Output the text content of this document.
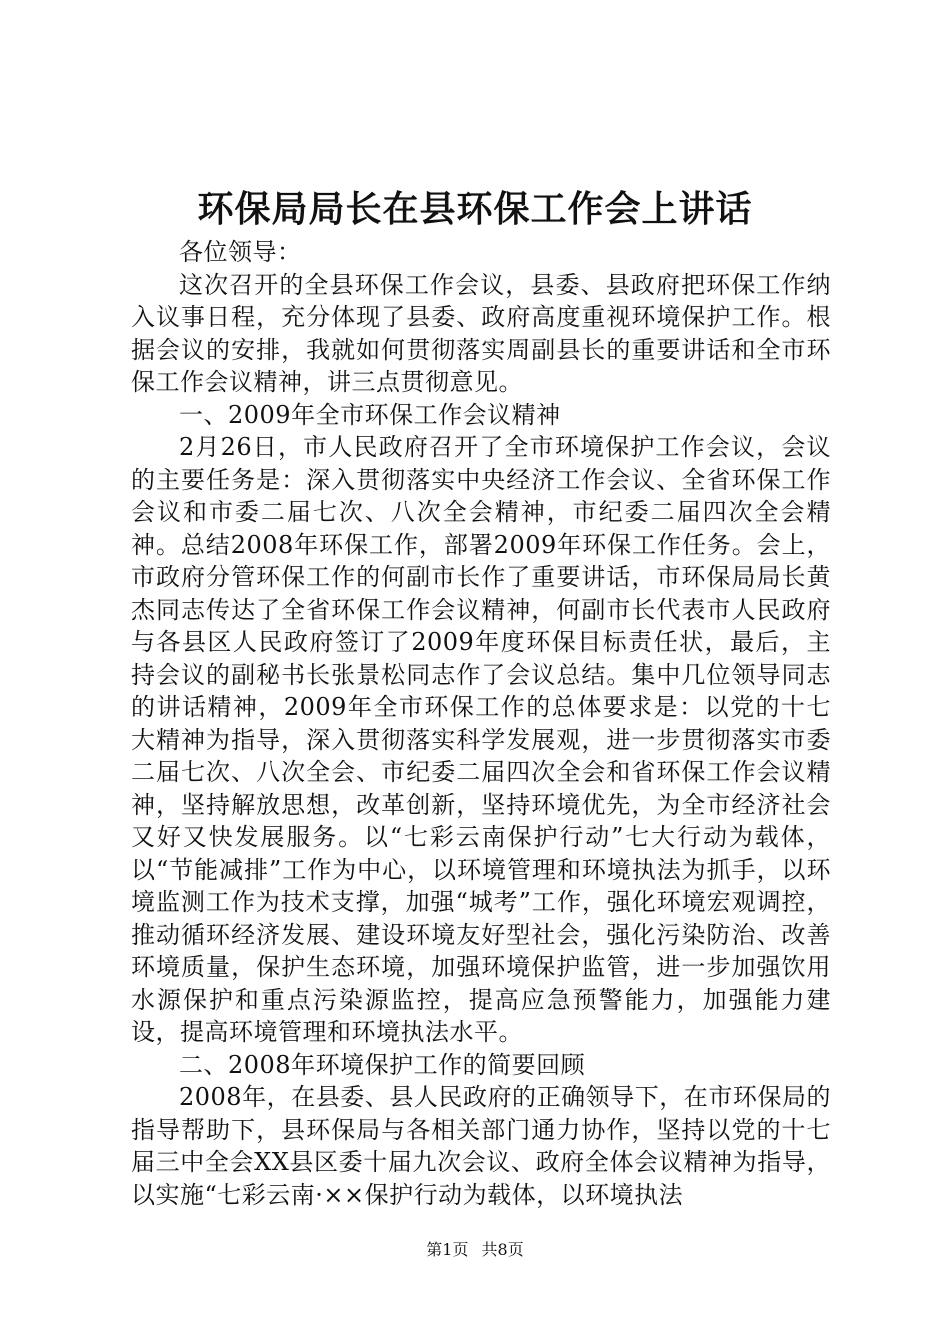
环保局局长在县环保工作会上讲话

各位领导：

这次召开的全县环保工作会议，县委、县政府把环保工作纳入议事日程，充分体现了县委、政府高度重视环境保护工作。根据会议的安排，我就如何贯彻落实周副县长的重要讲话和全市环保工作会议精神，讲三点贯彻意见。

一、2009年全市环保工作会议精神

2月26日，市人民政府召开了全市环境保护工作会议，会议的主要任务是：深入贯彻落实中央经济工作会议、全省环保工作会议和市委二届七次、八次全会精神，市纪委二届四次全会精神。总结2008年环保工作，部署2009年环保工作任务。会上，市政府分管环保工作的何副市长作了重要讲话，市环保局局长黄杰同志传达了全省环保工作会议精神，何副市长代表市人民政府与各县区人民政府签订了2009年度环保目标责任状，最后，主持会议的副秘书长张景松同志作了会议总结。集中几位领导同志的讲话精神，2009年全市环保工作的总体要求是：以党的十七大精神为指导，深入贯彻落实科学发展观，进一步贯彻落实市委二届七次、八次全会、市纪委二届四次全会和省环保工作会议精神，坚持解放思想，改革创新，坚持环境优先，为全市经济社会又好又快发展服务。以“七彩云南保护行动”七大行动为载体，以“节能减排”工作为中心，以环境管理和环境执法为抓手，以环境监测工作为技术支撑，加强“城考”工作，强化环境宏观调控，推动循环经济发展、建设环境友好型社会，强化污染防治、改善环境质量，保护生态环境，加强环境保护监管，进一步加强饮用水源保护和重点污染源监控，提高应急预警能力，加强能力建设，提高环境管理和环境执法水平。

二、2008年环境保护工作的简要回顾

2008年，在县委、县人民政府的正确领导下，在市环保局的指导帮助下，县环保局与各相关部门通力协作，坚持以党的十七届三中全会XX县区委十届九次会议、政府全体会议精神为指导，以实施“七彩云南·××保护行动为载体，以环境执法

第1页 共8页
